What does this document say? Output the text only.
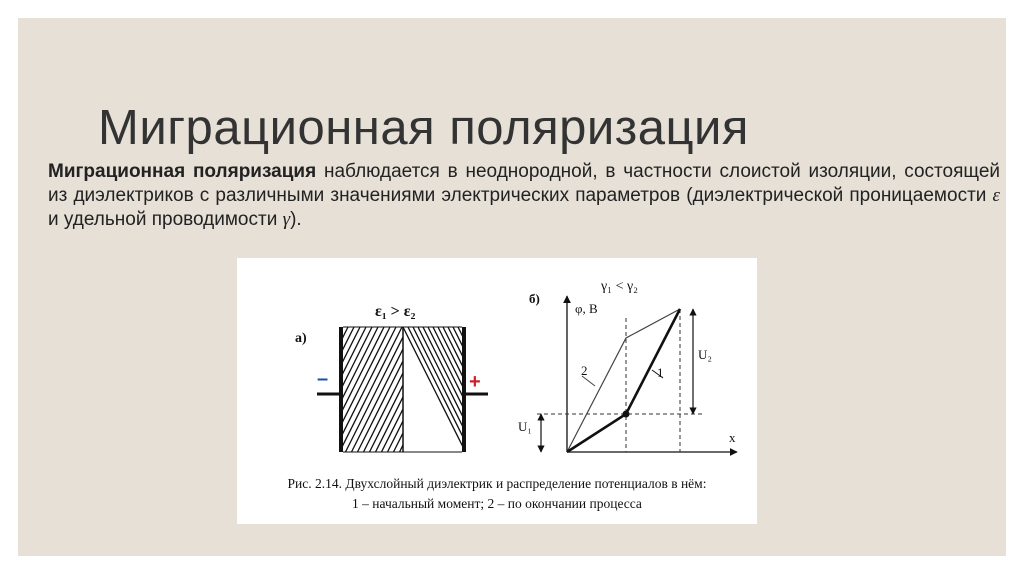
Миграционная поляризация
Миграционная поляризация наблюдается в неоднородной, в частности слоистой изоляции, состоящей из диэлектриков с различными значениями электрических параметров (диэлектрической проницаемости ε и удельной проводимости γ).
а)
ε₁ > ε₂
–	+
б)
γ₁ < γ₂
φ, В
x
2	1
U₁
U₂
Рис. 2.14. Двухслойный диэлектрик и распределение потенциалов в нём:
1 – начальный момент; 2 – по окончании процесса
